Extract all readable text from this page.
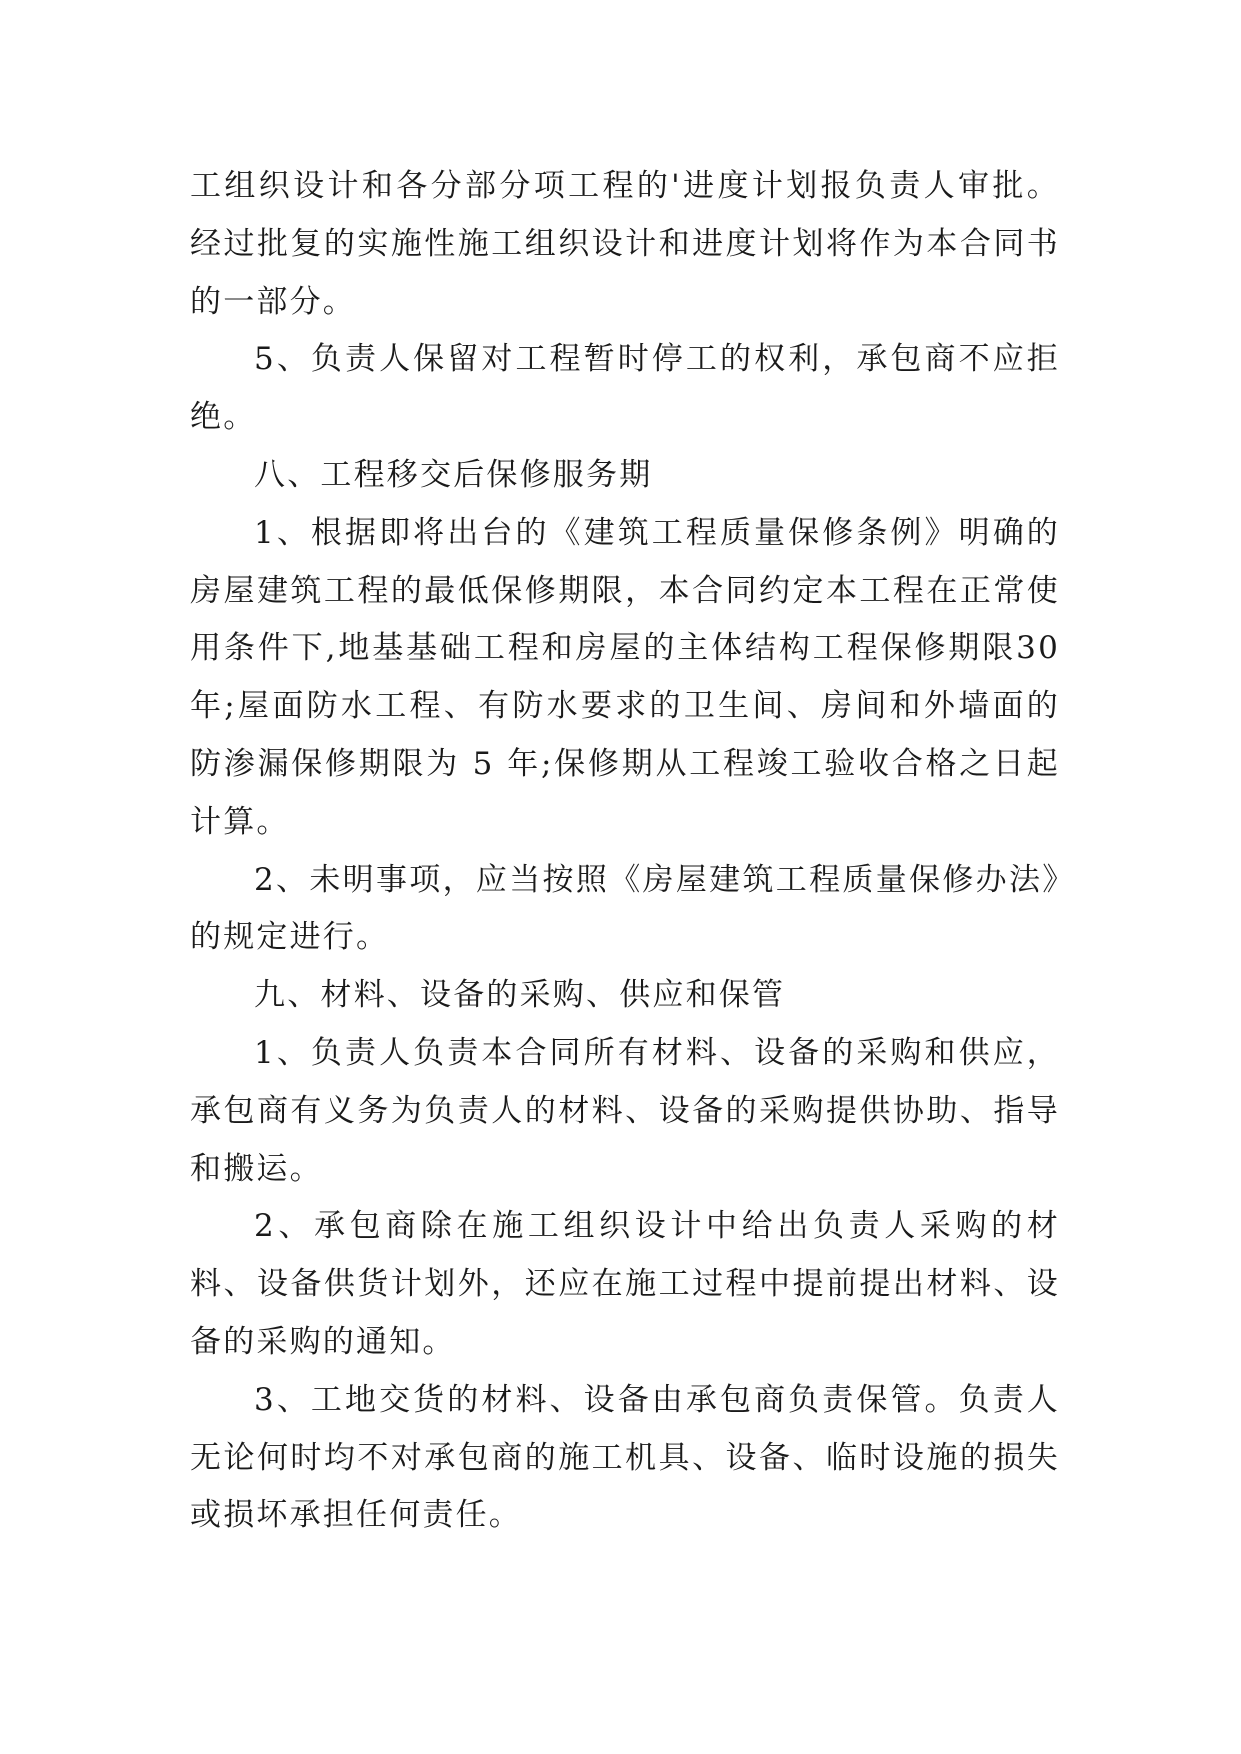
工组织设计和各分部分项工程的'进度计划报负责人审批。经过批复的实施性施工组织设计和进度计划将作为本合同书的一部分。

5、负责人保留对工程暂时停工的权利，承包商不应拒绝。

八、工程移交后保修服务期

1、根据即将出台的《建筑工程质量保修条例》明确的房屋建筑工程的最低保修期限，本合同约定本工程在正常使用条件下,地基基础工程和房屋的主体结构工程保修期限30年;屋面防水工程、有防水要求的卫生间、房间和外墙面的防渗漏保修期限为 5 年;保修期从工程竣工验收合格之日起计算。

2、未明事项，应当按照《房屋建筑工程质量保修办法》的规定进行。

九、材料、设备的采购、供应和保管

1、负责人负责本合同所有材料、设备的采购和供应，承包商有义务为负责人的材料、设备的采购提供协助、指导和搬运。

2、承包商除在施工组织设计中给出负责人采购的材料、设备供货计划外，还应在施工过程中提前提出材料、设备的采购的通知。

3、工地交货的材料、设备由承包商负责保管。负责人无论何时均不对承包商的施工机具、设备、临时设施的损失或损坏承担任何责任。
